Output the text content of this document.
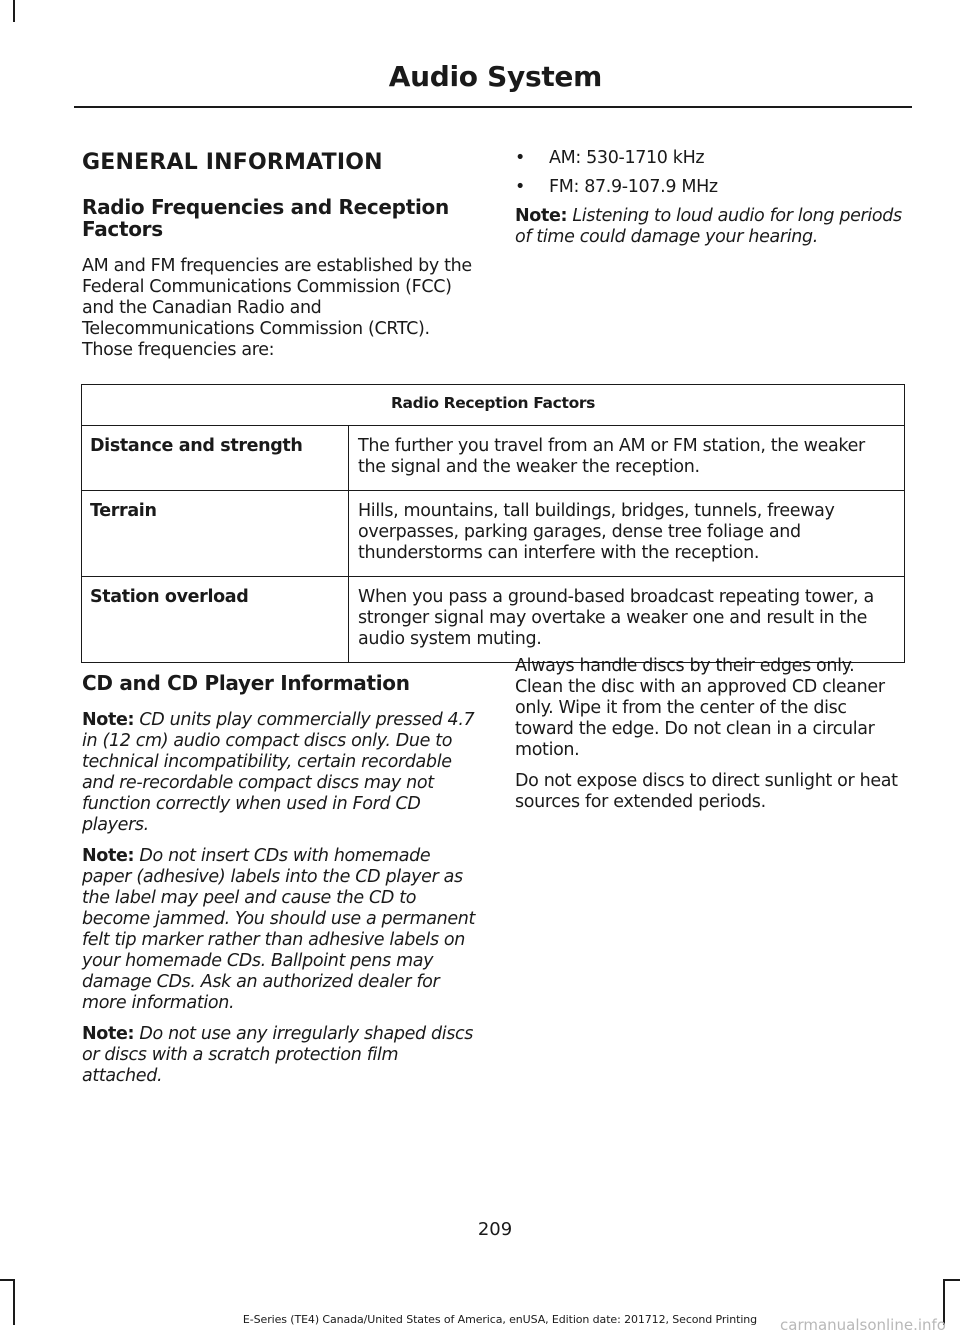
Audio System
GENERAL INFORMATION
Radio Frequencies and Reception Factors

AM and FM frequencies are established by the Federal Communications Commission (FCC) and the Canadian Radio and Telecommunications Commission (CRTC). Those frequencies are:

• AM: 530-1710 kHz
• FM: 87.9-107.9 MHz

Note: Listening to loud audio for long periods of time could damage your hearing.

Radio Reception Factors	
Distance and strength	The further you travel from an AM or FM station, the weaker the signal and the weaker the reception.
Terrain	Hills, mountains, tall buildings, bridges, tunnels, freeway overpasses, parking garages, dense tree foliage and thunderstorms can interfere with the reception.
Station overload	When you pass a ground-based broadcast repeating tower, a stronger signal may overtake a weaker one and result in the audio system muting.
CD and CD Player Information

Note: CD units play commercially pressed 4.7 in (12 cm) audio compact discs only. Due to technical incompatibility, certain recordable and re-recordable compact discs may not function correctly when used in Ford CD players.

Note: Do not insert CDs with homemade paper (adhesive) labels into the CD player as the label may peel and cause the CD to become jammed. You should use a permanent felt tip marker rather than adhesive labels on your homemade CDs. Ballpoint pens may damage CDs. Ask an authorized dealer for more information.

Note: Do not use any irregularly shaped discs or discs with a scratch protection film attached.

Always handle discs by their edges only. Clean the disc with an approved CD cleaner only. Wipe it from the center of the disc toward the edge. Do not clean in a circular motion.

Do not expose discs to direct sunlight or heat sources for extended periods.

209
E-Series (TE4) Canada/United States of America, enUSA, Edition date: 201712, Second Printing	carmanualsonline.info
